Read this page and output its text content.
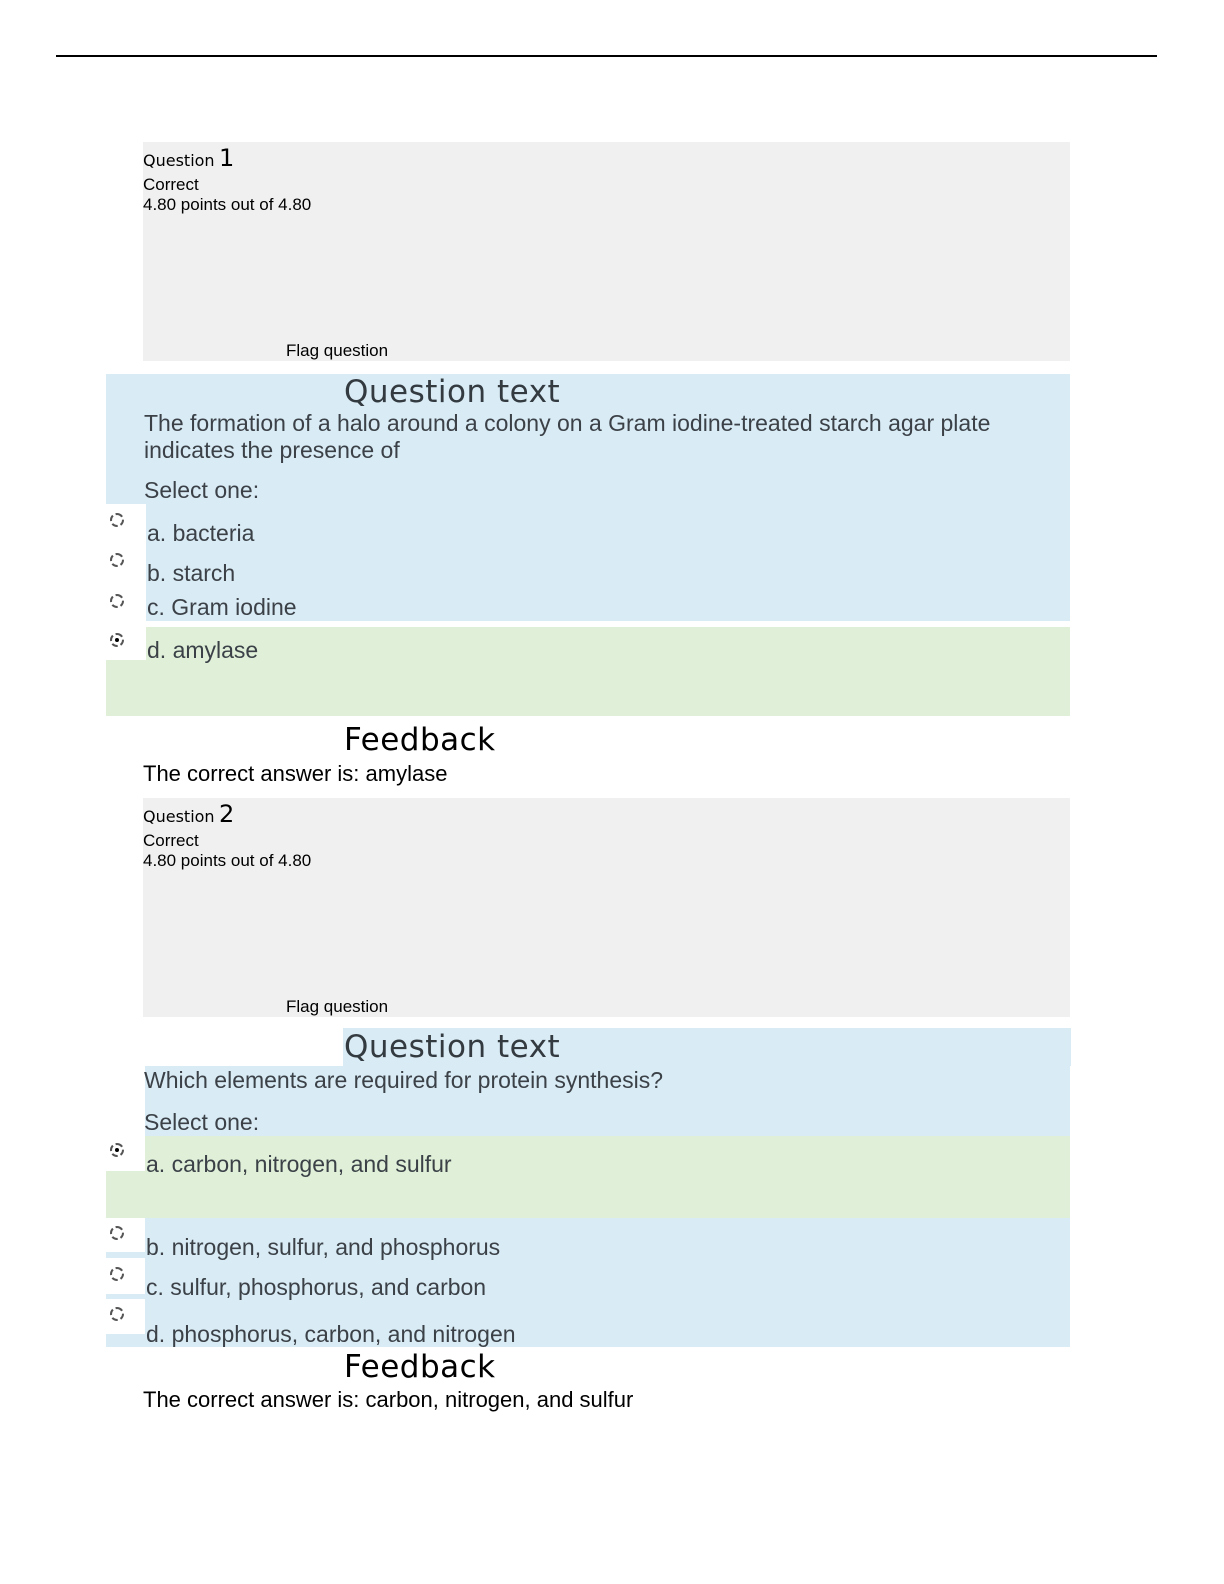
Question 1
Correct
4.80 points out of 4.80
Flag question
Question text
The formation of a halo around a colony on a Gram iodine-treated starch agar plate indicates the presence of
Select one:
a. bacteria
b. starch
c. Gram iodine
d. amylase
Feedback
The correct answer is: amylase
Question 2
Correct
4.80 points out of 4.80
Flag question
Question text
Which elements are required for protein synthesis?
Select one:
a. carbon, nitrogen, and sulfur
b. nitrogen, sulfur, and phosphorus
c. sulfur, phosphorus, and carbon
d. phosphorus, carbon, and nitrogen
Feedback
The correct answer is: carbon, nitrogen, and sulfur
